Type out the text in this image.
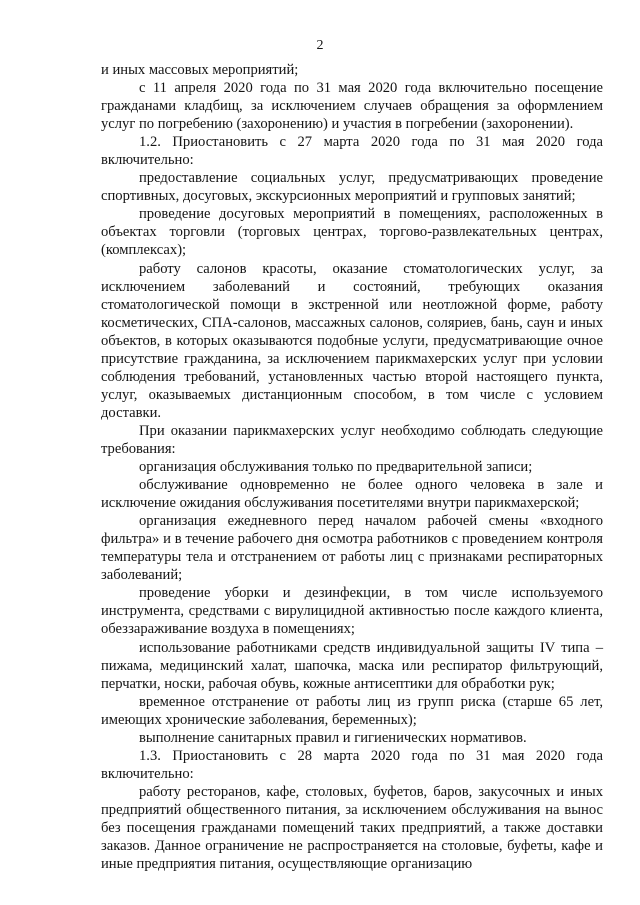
2

и иных массовых мероприятий;

с 11 апреля 2020 года по 31 мая 2020 года включительно посещение гражданами кладбищ, за исключением случаев обращения за оформлением услуг по погребению (захоронению) и участия в погребении (захоронении).

1.2. Приостановить с 27 марта 2020 года по 31 мая 2020 года включительно:

предоставление социальных услуг, предусматривающих проведение спортивных, досуговых, экскурсионных мероприятий и групповых занятий;

проведение досуговых мероприятий в помещениях, расположенных в объектах торговли (торговых центрах, торгово-развлекательных центрах, (комплексах);

работу салонов красоты, оказание стоматологических услуг, за исключением заболеваний и состояний, требующих оказания стоматологической помощи в экстренной или неотложной форме, работу косметических, СПА-салонов, массажных салонов, соляриев, бань, саун и иных объектов, в которых оказываются подобные услуги, предусматривающие очное присутствие гражданина, за исключением парикмахерских услуг при условии соблюдения требований, установленных частью второй настоящего пункта, услуг, оказываемых дистанционным способом, в том числе с условием доставки.

При оказании парикмахерских услуг необходимо соблюдать следующие требования:

организация обслуживания только по предварительной записи;

обслуживание одновременно не более одного человека в зале и исключение ожидания обслуживания посетителями внутри парикмахерской;

организация ежедневного перед началом рабочей смены «входного фильтра» и в течение рабочего дня осмотра работников с проведением контроля температуры тела и отстранением от работы лиц с признаками респираторных заболеваний;

проведение уборки и дезинфекции, в том числе используемого инструмента, средствами с вирулицидной активностью после каждого клиента, обеззараживание воздуха в помещениях;

использование работниками средств индивидуальной защиты IV типа – пижама, медицинский халат, шапочка, маска или респиратор фильтрующий, перчатки, носки, рабочая обувь, кожные антисептики для обработки рук;

временное отстранение от работы лиц из групп риска (старше 65 лет, имеющих хронические заболевания, беременных);

выполнение санитарных правил и гигиенических нормативов.

1.3. Приостановить с 28 марта 2020 года по 31 мая 2020 года включительно:

работу ресторанов, кафе, столовых, буфетов, баров, закусочных и иных предприятий общественного питания, за исключением обслуживания на вынос без посещения гражданами помещений таких предприятий, а также доставки заказов. Данное ограничение не распространяется на столовые, буфеты, кафе и иные предприятия питания, осуществляющие организацию
